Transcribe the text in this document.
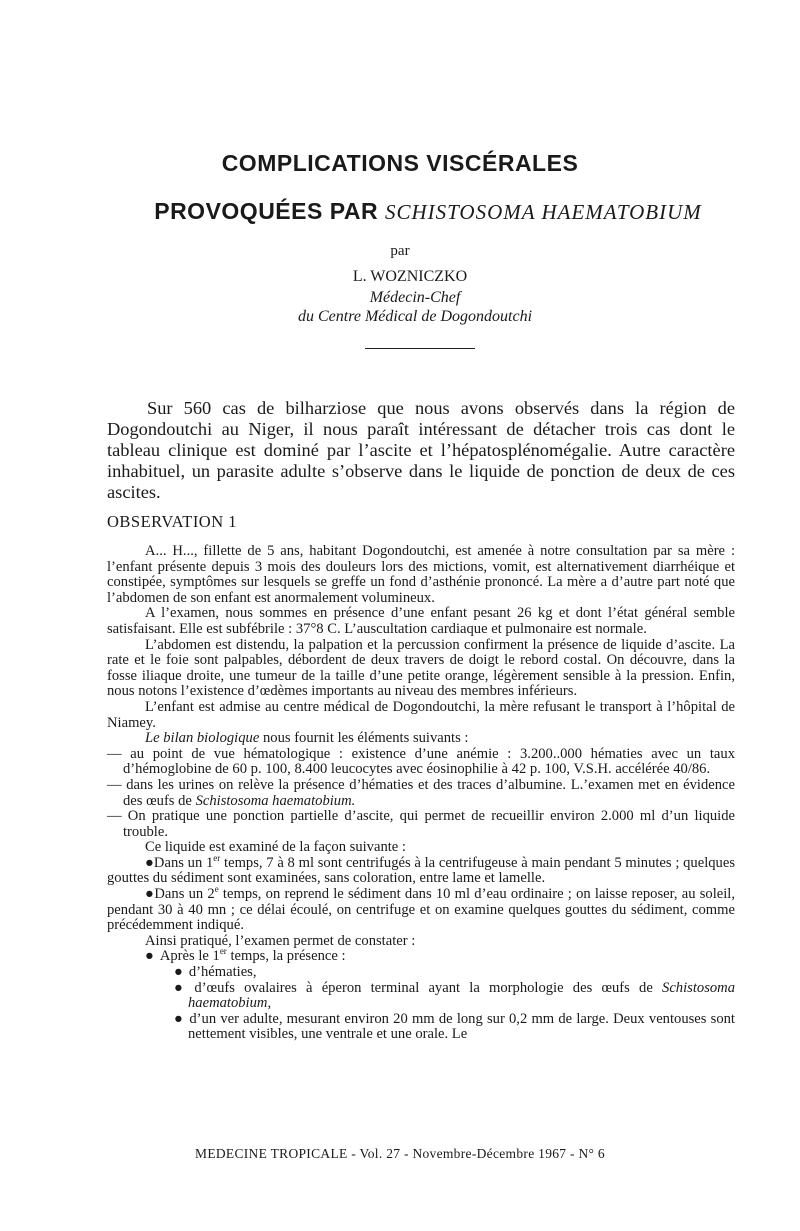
COMPLICATIONS VISCÉRALES
PROVOQUÉES PAR SCHISTOSOMA HAEMATOBIUM
par
L. WOZNICZKO
Médecin-Chef
du Centre Médical de Dogondoutchi
Sur 560 cas de bilharziose que nous avons observés dans la région de Dogondoutchi au Niger, il nous paraît intéressant de détacher trois cas dont le tableau clinique est dominé par l’ascite et l’hépatosplénomégalie. Autre caractère inhabituel, un parasite adulte s’observe dans le liquide de ponction de deux de ces ascites.
OBSERVATION 1

A... H..., fillette de 5 ans, habitant Dogondoutchi, est amenée à notre consultation par sa mère : l’enfant présente depuis 3 mois des douleurs lors des mictions, vomit, est alternativement diarrhéique et constipée, symptômes sur lesquels se greffe un fond d’asthénie prononcé. La mère a d’autre part noté que l’abdomen de son enfant est anormalement volumineux.

A l’examen, nous sommes en présence d’une enfant pesant 26 kg et dont l’état général semble satisfaisant. Elle est subfébrile : 37°8 C. L’auscultation cardiaque et pulmonaire est normale.

L’abdomen est distendu, la palpation et la percussion confirment la présence de liquide d’ascite. La rate et le foie sont palpables, débordent de deux travers de doigt le rebord costal. On découvre, dans la fosse iliaque droite, une tumeur de la taille d’une petite orange, légèrement sensible à la pression. Enfin, nous notons l’existence d’œdèmes importants au niveau des membres inférieurs.

L’enfant est admise au centre médical de Dogondoutchi, la mère refusant le transport à l’hôpital de Niamey.

Le bilan biologique nous fournit les éléments suivants :

— au point de vue hématologique : existence d’une anémie : 3.200..000 hématies avec un taux d’hémoglobine de 60 p. 100, 8.400 leucocytes avec éosinophilie à 42 p. 100, V.S.H. accélérée 40/86.

— dans les urines on relève la présence d’hématies et des traces d’albumine. L.’examen met en évidence des œufs de Schistosoma haematobium.

— On pratique une ponction partielle d’ascite, qui permet de recueillir environ 2.000 ml d’un liquide trouble.

Ce liquide est examiné de la façon suivante :

●Dans un 1er temps, 7 à 8 ml sont centrifugés à la centrifugeuse à main pendant 5 minutes ; quelques gouttes du sédiment sont examinées, sans coloration, entre lame et lamelle.

●Dans un 2e temps, on reprend le sédiment dans 10 ml d’eau ordinaire ; on laisse reposer, au soleil, pendant 30 à 40 mn ; ce délai écoulé, on centrifuge et on examine quelques gouttes du sédiment, comme précédemment indiqué.

Ainsi pratiqué, l’examen permet de constater :

● Après le 1er temps, la présence :

● d’hématies,

● d’œufs ovalaires à éperon terminal ayant la morphologie des œufs de Schistosoma haematobium,

● d’un ver adulte, mesurant environ 20 mm de long sur 0,2 mm de large. Deux ventouses sont nettement visibles, une ventrale et une orale. Le

MEDECINE TROPICALE - Vol. 27 - Novembre-Décembre 1967 - N° 6
